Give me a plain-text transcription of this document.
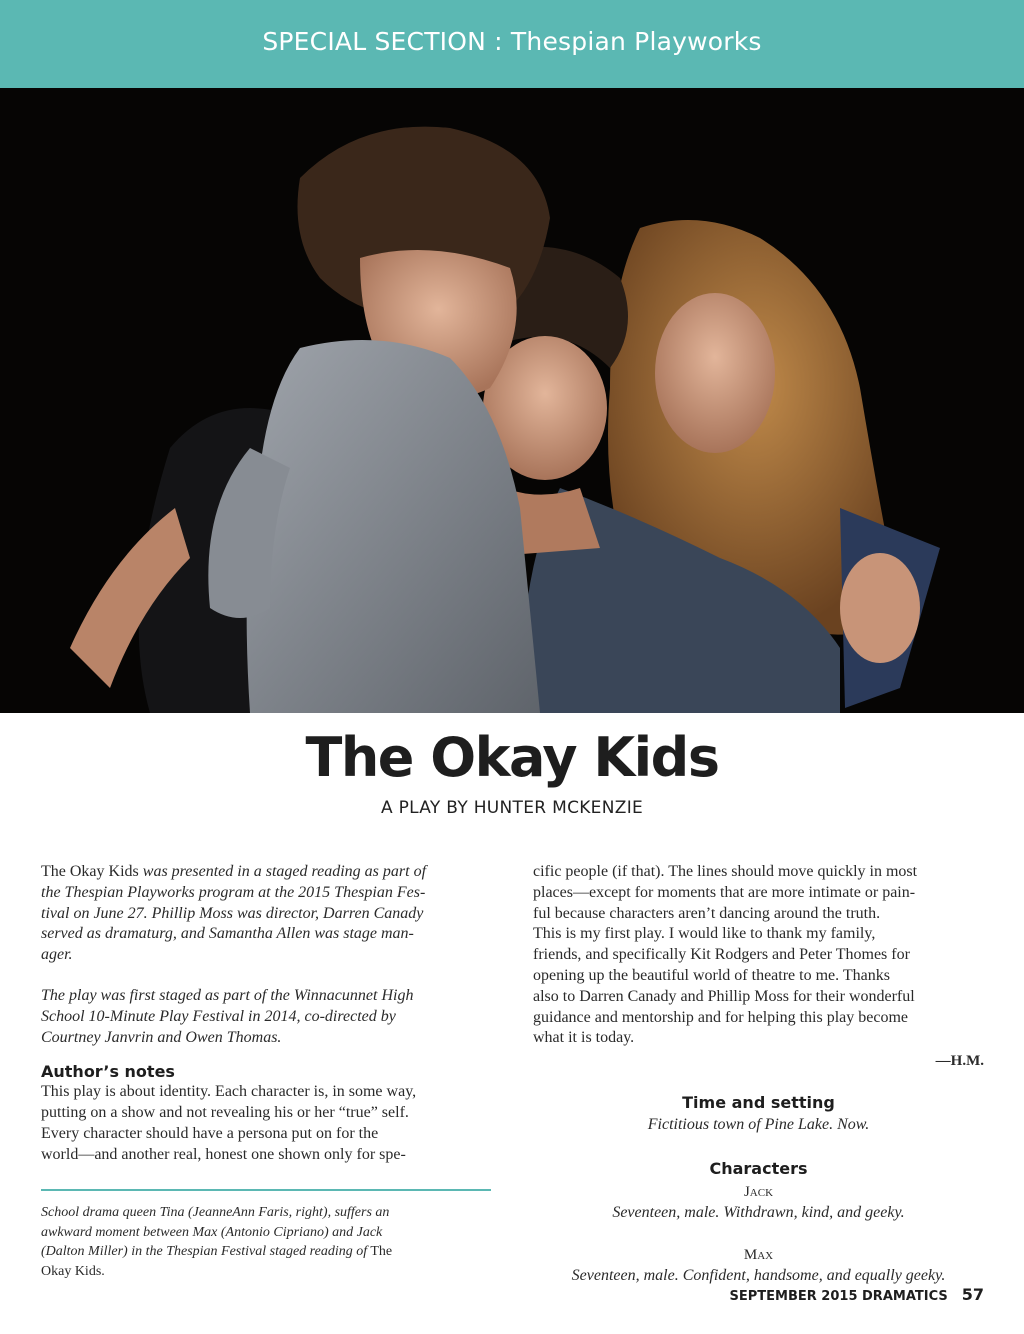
SPECIAL SECTION : Thespian Playworks
The Okay Kids
A PLAY BY HUNTER MCKENZIE
The Okay Kids was presented in a staged reading as part of
the Thespian Playworks program at the 2015 Thespian Fes-
tival on June 27. Phillip Moss was director, Darren Canady
served as dramaturg, and Samantha Allen was stage man-
ager.
The play was first staged as part of the Winnacunnet High
School 10-Minute Play Festival in 2014, co-directed by
Courtney Janvrin and Owen Thomas.
Author’s notes
This play is about identity. Each character is, in some way,
putting on a show and not revealing his or her “true” self.
Every character should have a persona put on for the
world—and another real, honest one shown only for spe-
School drama queen Tina (JeanneAnn Faris, right), suffers an
awkward moment between Max (Antonio Cipriano) and Jack
(Dalton Miller) in the Thespian Festival staged reading of The
Okay Kids.
cific people (if that). The lines should move quickly in most
places—except for moments that are more intimate or pain-
ful because characters aren’t dancing around the truth.
This is my first play. I would like to thank my family,
friends, and specifically Kit Rodgers and Peter Thomes for
opening up the beautiful world of theatre to me. Thanks
also to Darren Canady and Phillip Moss for their wonderful
guidance and mentorship and for helping this play become
what it is today.
—H.M.
Time and setting
Fictitious town of Pine Lake. Now.
Characters
Jack
Seventeen, male. Withdrawn, kind, and geeky.
Max
Seventeen, male. Confident, handsome, and equally geeky.
SEPTEMBER 2015 DRAMATICS 57
